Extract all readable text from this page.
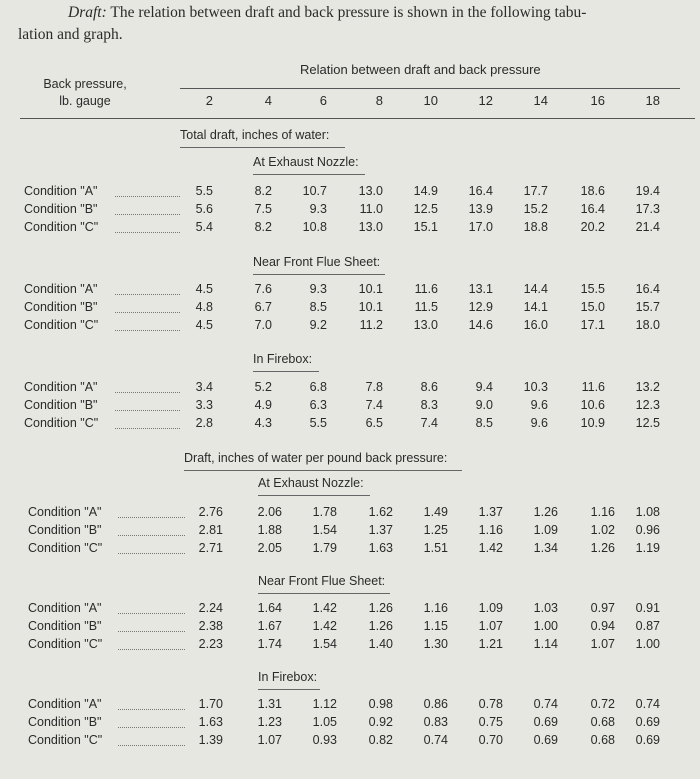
Draft: The relation between draft and back pressure is shown in the following tabu-
lation and graph.
Back pressure,
lb. gauge
Relation between draft and back pressure
2	4	6	8	10	12	14	16	18
Total draft, inches of water:
At Exhaust Nozzle:
Condition "A"	5.5	8.2	10.7	13.0	14.9	16.4	17.7	18.6	19.4
Condition "B"	5.6	7.5	9.3	11.0	12.5	13.9	15.2	16.4	17.3
Condition "C"	5.4	8.2	10.8	13.0	15.1	17.0	18.8	20.2	21.4
Near Front Flue Sheet:
Condition "A"	4.5	7.6	9.3	10.1	11.6	13.1	14.4	15.5	16.4
Condition "B"	4.8	6.7	8.5	10.1	11.5	12.9	14.1	15.0	15.7
Condition "C"	4.5	7.0	9.2	11.2	13.0	14.6	16.0	17.1	18.0
In Firebox:
Condition "A"	3.4	5.2	6.8	7.8	8.6	9.4	10.3	11.6	13.2
Condition "B"	3.3	4.9	6.3	7.4	8.3	9.0	9.6	10.6	12.3
Condition "C"	2.8	4.3	5.5	6.5	7.4	8.5	9.6	10.9	12.5
Draft, inches of water per pound back pressure:
At Exhaust Nozzle:
Condition "A"	2.76	2.06	1.78	1.62	1.49	1.37	1.26	1.16	1.08
Condition "B"	2.81	1.88	1.54	1.37	1.25	1.16	1.09	1.02	0.96
Condition "C"	2.71	2.05	1.79	1.63	1.51	1.42	1.34	1.26	1.19
Near Front Flue Sheet:
Condition "A"	2.24	1.64	1.42	1.26	1.16	1.09	1.03	0.97	0.91
Condition "B"	2.38	1.67	1.42	1.26	1.15	1.07	1.00	0.94	0.87
Condition "C"	2.23	1.74	1.54	1.40	1.30	1.21	1.14	1.07	1.00
In Firebox:
Condition "A"	1.70	1.31	1.12	0.98	0.86	0.78	0.74	0.72	0.74
Condition "B"	1.63	1.23	1.05	0.92	0.83	0.75	0.69	0.68	0.69
Condition "C"	1.39	1.07	0.93	0.82	0.74	0.70	0.69	0.68	0.69
